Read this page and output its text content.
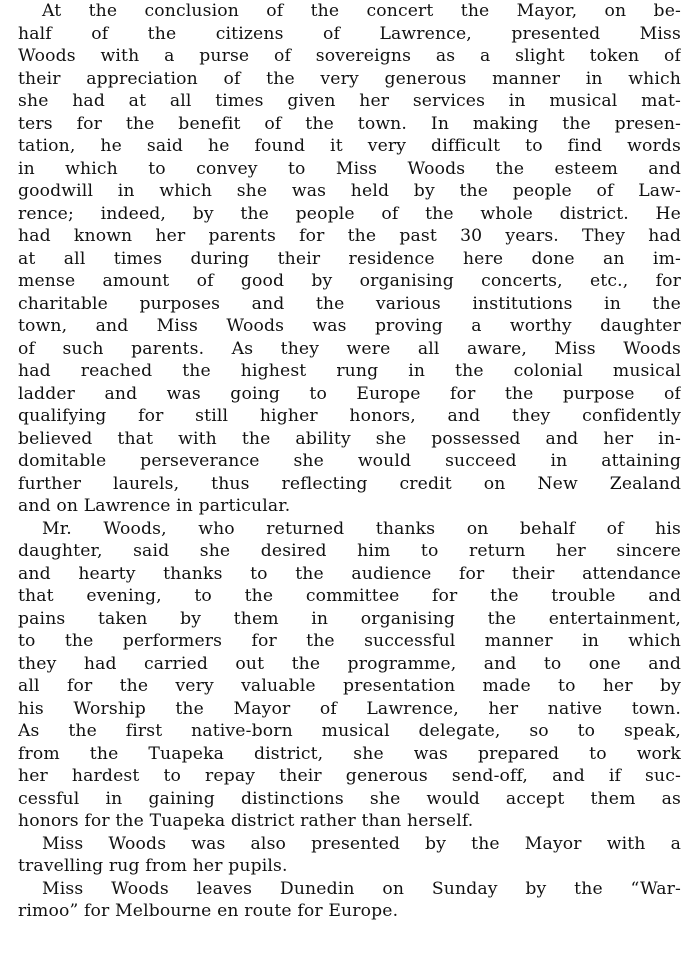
At the conclusion of the concert the Mayor, on be-
half of the citizens of Lawrence, presented Miss
Woods with a purse of sovereigns as a slight token of
their appreciation of the very generous manner in which
she had at all times given her services in musical mat-
ters for the benefit of the town. In making the presen-
tation, he said he found it very difficult to find words
in which to convey to Miss Woods the esteem and
goodwill in which she was held by the people of Law-
rence; indeed, by the people of the whole district. He
had known her parents for the past 30 years. They had
at all times during their residence here done an im-
mense amount of good by organising concerts, etc., for
charitable purposes and the various institutions in the
town, and Miss Woods was proving a worthy daughter
of such parents. As they were all aware, Miss Woods
had reached the highest rung in the colonial musical
ladder and was going to Europe for the purpose of
qualifying for still higher honors, and they confidently
believed that with the ability she possessed and her in-
domitable perseverance she would succeed in attaining
further laurels, thus reflecting credit on New Zealand
and on Lawrence in particular.
Mr. Woods, who returned thanks on behalf of his
daughter, said she desired him to return her sincere
and hearty thanks to the audience for their attendance
that evening, to the committee for the trouble and
pains taken by them in organising the entertainment,
to the performers for the successful manner in which
they had carried out the programme, and to one and
all for the very valuable presentation made to her by
his Worship the Mayor of Lawrence, her native town.
As the first native-born musical delegate, so to speak,
from the Tuapeka district, she was prepared to work
her hardest to repay their generous send-off, and if suc-
cessful in gaining distinctions she would accept them as
honors for the Tuapeka district rather than herself.
Miss Woods was also presented by the Mayor with a
travelling rug from her pupils.
Miss Woods leaves Dunedin on Sunday by the “War-
rimoo” for Melbourne en route for Europe.
